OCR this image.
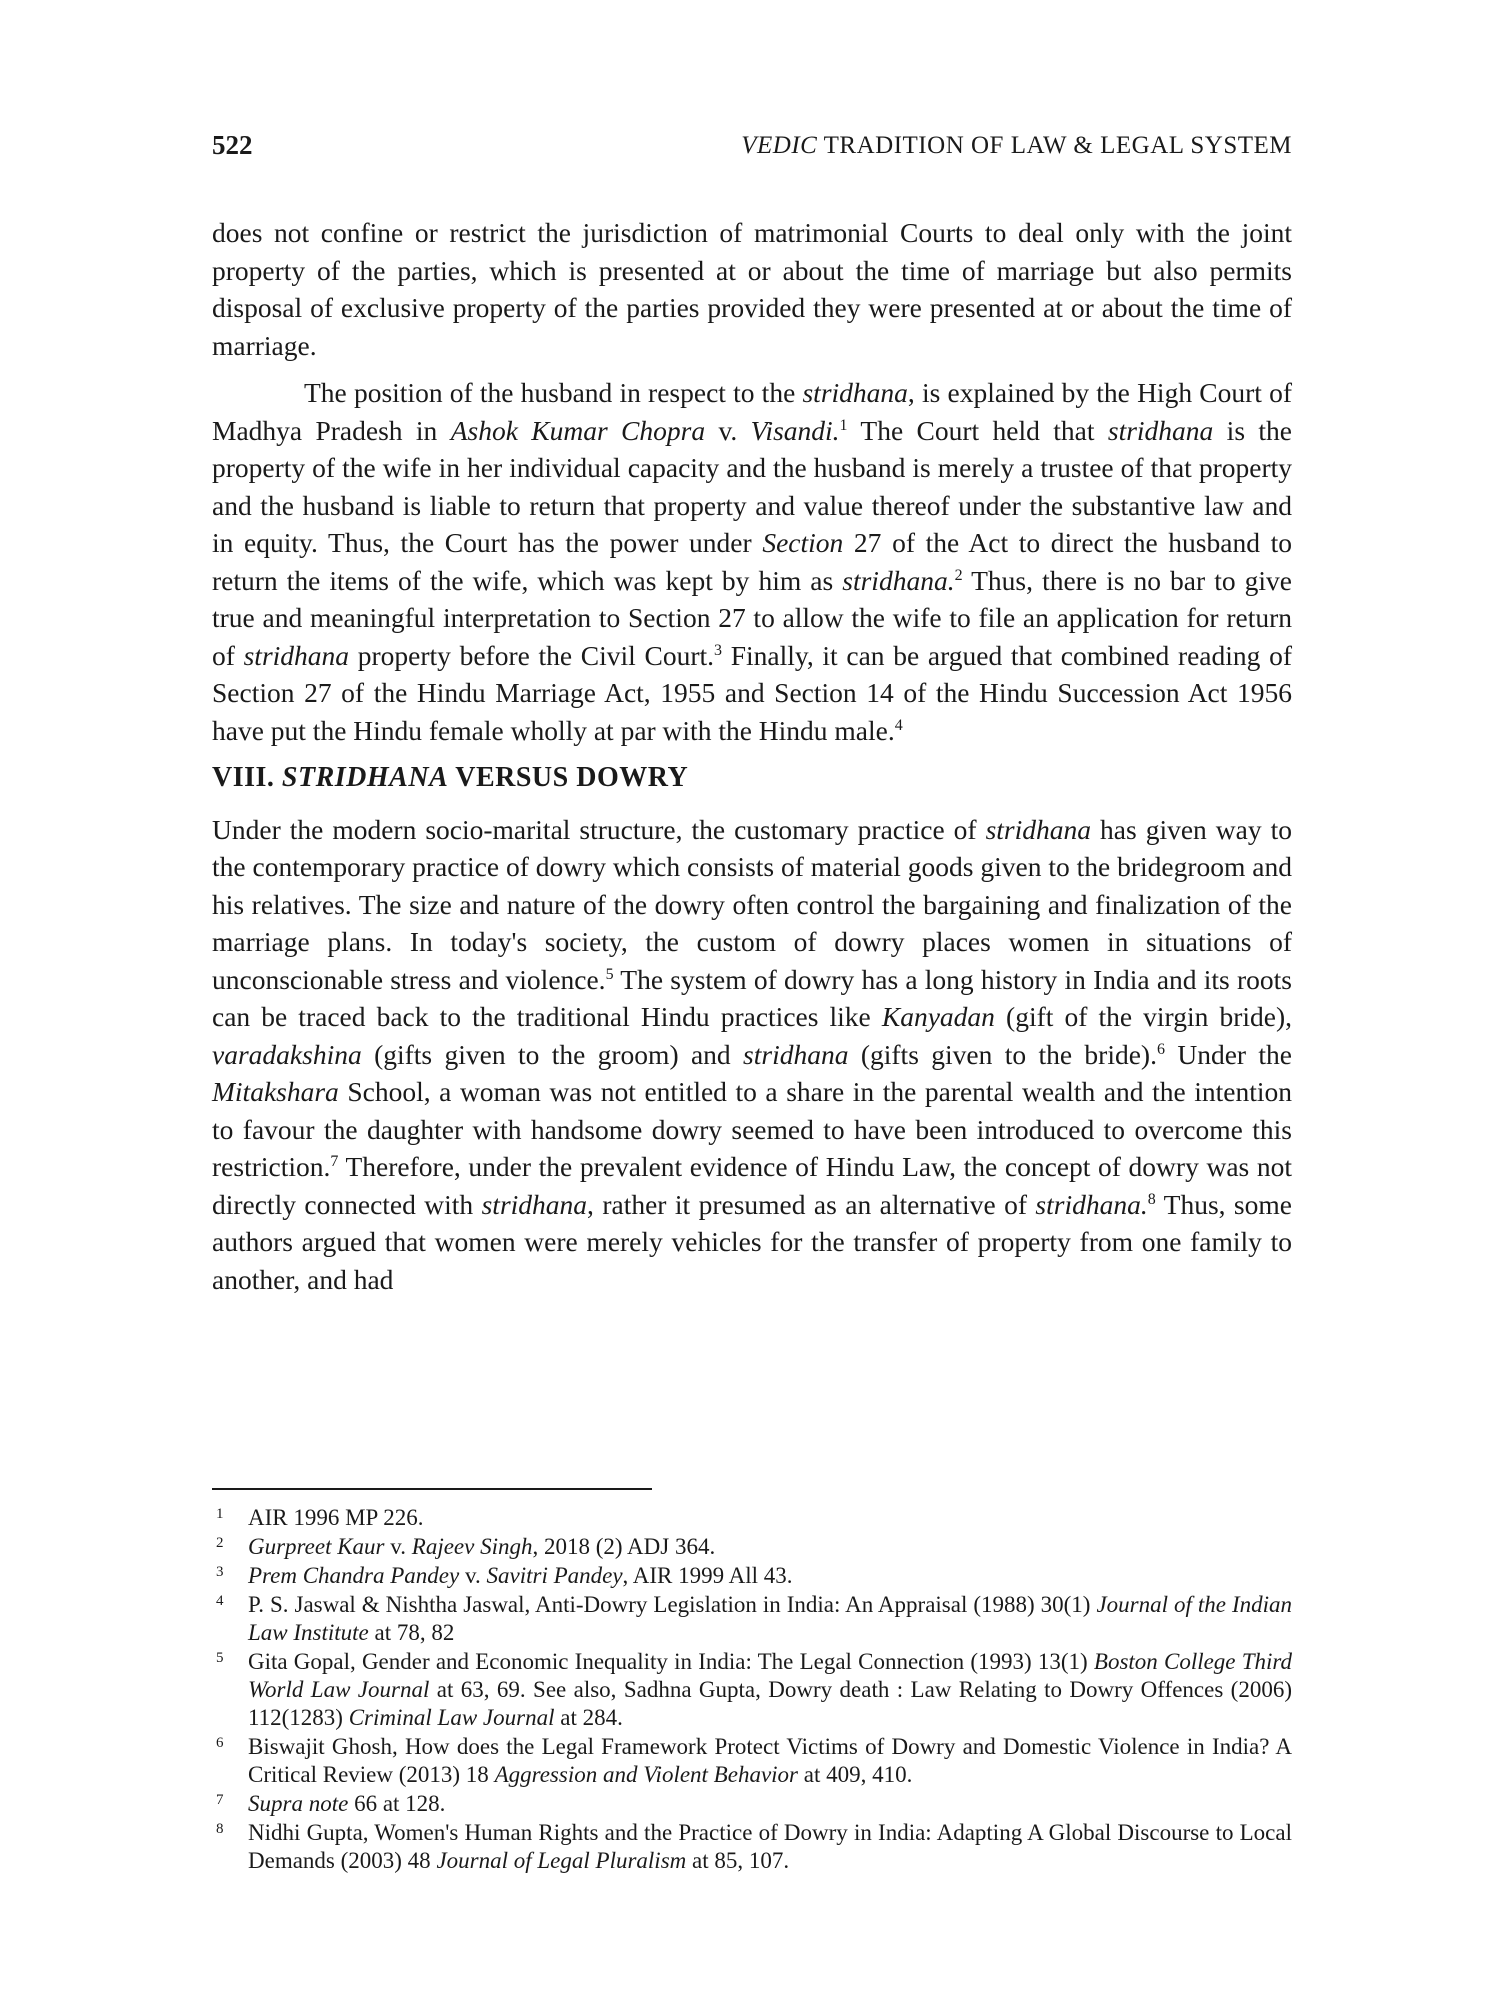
522	VEDIC TRADITION OF LAW & LEGAL SYSTEM

does not confine or restrict the jurisdiction of matrimonial Courts to deal only with the joint property of the parties, which is presented at or about the time of marriage but also permits disposal of exclusive property of the parties provided they were presented at or about the time of marriage.

The position of the husband in respect to the stridhana, is explained by the High Court of Madhya Pradesh in Ashok Kumar Chopra v. Visandi.$^1$ The Court held that stridhana is the property of the wife in her individual capacity and the husband is merely a trustee of that property and the husband is liable to return that property and value thereof under the substantive law and in equity. Thus, the Court has the power under Section 27 of the Act to direct the husband to return the items of the wife, which was kept by him as stridhana.$^2$ Thus, there is no bar to give true and meaningful interpretation to Section 27 to allow the wife to file an application for return of stridhana property before the Civil Court.$^3$ Finally, it can be argued that combined reading of Section 27 of the Hindu Marriage Act, 1955 and Section 14 of the Hindu Succession Act 1956 have put the Hindu female wholly at par with the Hindu male.$^4$

VIII. STRIDHANA VERSUS DOWRY

Under the modern socio-marital structure, the customary practice of stridhana has given way to the contemporary practice of dowry which consists of material goods given to the bridegroom and his relatives. The size and nature of the dowry often control the bargaining and finalization of the marriage plans. In today's society, the custom of dowry places women in situations of unconscionable stress and violence.$^5$ The system of dowry has a long history in India and its roots can be traced back to the traditional Hindu practices like Kanyadan (gift of the virgin bride), varadakshina (gifts given to the groom) and stridhana (gifts given to the bride).$^6$ Under the Mitakshara School, a woman was not entitled to a share in the parental wealth and the intention to favour the daughter with handsome dowry seemed to have been introduced to overcome this restriction.$^7$ Therefore, under the prevalent evidence of Hindu Law, the concept of dowry was not directly connected with stridhana, rather it presumed as an alternative of stridhana.$^8$ Thus, some authors argued that women were merely vehicles for the transfer of property from one family to another, and had

1 AIR 1996 MP 226.
2 Gurpreet Kaur v. Rajeev Singh, 2018 (2) ADJ 364.
3 Prem Chandra Pandey v. Savitri Pandey, AIR 1999 All 43.
4 P. S. Jaswal & Nishtha Jaswal, Anti-Dowry Legislation in India: An Appraisal (1988) 30(1) Journal of the Indian Law Institute at 78, 82
5 Gita Gopal, Gender and Economic Inequality in India: The Legal Connection (1993) 13(1) Boston College Third World Law Journal at 63, 69. See also, Sadhna Gupta, Dowry death : Law Relating to Dowry Offences (2006) 112(1283) Criminal Law Journal at 284.
6 Biswajit Ghosh, How does the Legal Framework Protect Victims of Dowry and Domestic Violence in India? A Critical Review (2013) 18 Aggression and Violent Behavior at 409, 410.
7 Supra note 66 at 128.
8 Nidhi Gupta, Women's Human Rights and the Practice of Dowry in India: Adapting A Global Discourse to Local Demands (2003) 48 Journal of Legal Pluralism at 85, 107.
